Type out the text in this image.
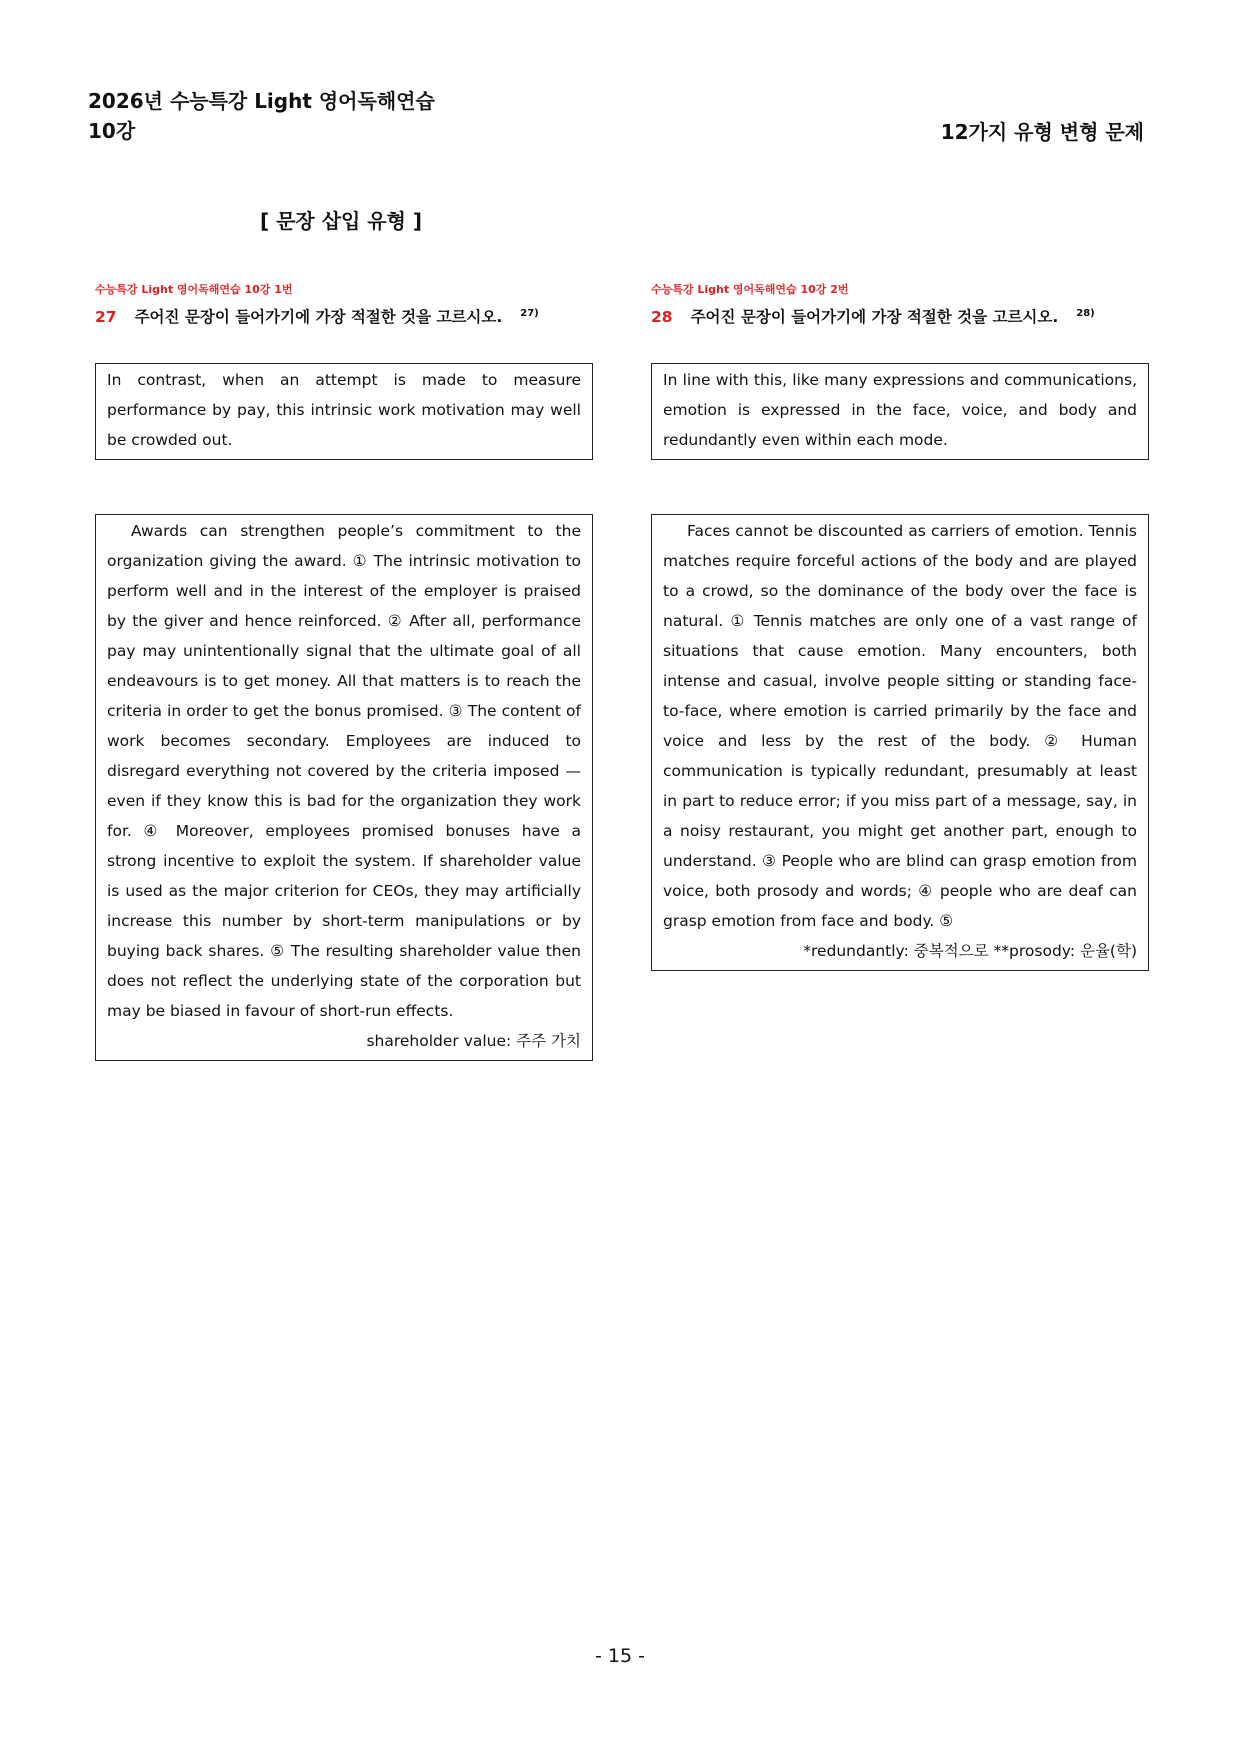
2026년 수능특강 Light 영어독해연습
10강	12가지 유형 변형 문제
[ 문장 삽입 유형 ]
수능특강 Light 영어독해연습 10강 1번
27 주어진 문장이 들어가기에 가장 적절한 것을 고르시오. $^{27)}$

In contrast, when an attempt is made to measure performance by pay, this intrinsic work motivation may well be crowded out.

Awards can strengthen people’s commitment to the organization giving the award. ① The intrinsic motivation to perform well and in the interest of the employer is praised by the giver and hence reinforced. ② After all, performance pay may unintentionally signal that the ultimate goal of all endeavours is to get money. All that matters is to reach the criteria in order to get the bonus promised. ③ The content of work becomes secondary. Employees are induced to disregard everything not covered by the criteria imposed — even if they know this is bad for the organization they work for. ④ Moreover, employees promised bonuses have a strong incentive to exploit the system. If shareholder value is used as the major criterion for CEOs, they may artificially increase this number by short-term manipulations or by buying back shares. ⑤ The resulting shareholder value then does not reflect the underlying state of the corporation but may be biased in favour of short-run effects.

shareholder value: 주주 가치

수능특강 Light 영어독해연습 10강 2번
28 주어진 문장이 들어가기에 가장 적절한 것을 고르시오. $^{28)}$

In line with this, like many expressions and communications, emotion is expressed in the face, voice, and body and redundantly even within each mode.

Faces cannot be discounted as carriers of emotion. Tennis matches require forceful actions of the body and are played to a crowd, so the dominance of the body over the face is natural. ① Tennis matches are only one of a vast range of situations that cause emotion. Many encounters, both intense and casual, involve people sitting or standing face-to-face, where emotion is carried primarily by the face and voice and less by the rest of the body. ② Human communication is typically redundant, presumably at least in part to reduce error; if you miss part of a message, say, in a noisy restaurant, you might get another part, enough to understand. ③ People who are blind can grasp emotion from voice, both prosody and words; ④ people who are deaf can grasp emotion from face and body. ⑤

*redundantly: 중복적으로 **prosody: 운율(학)

- 15 -
